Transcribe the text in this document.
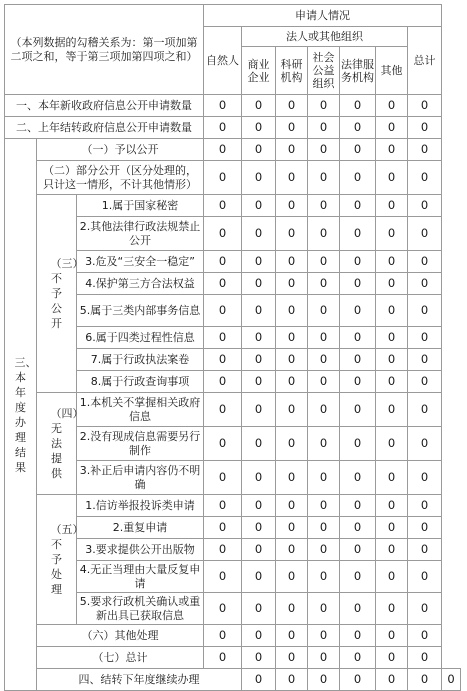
（本列数据的勾稽关系为：第一项加第二项之和，等于第三项加第四项之和）			申请人情况							
			自然人	法人或其他组织					总计	
				商业企业	科研机构	社会公益组织	法律服务机构	其他		

一、本年新收政府信息公开申请数量			0	0	0	0	0	0	0	
二、上年结转政府信息公开申请数量			0	0	0	0	0	0	0	

三、本年度办理结果	（一）予以公开		0	0	0	0	0	0	0	
	（二）部分公开（区分处理的，只计这一情形，不计其他情形）		0	0	0	0	0	0	0	

	（三）不予公开	1.属于国家秘密	0	0	0	0	0	0	0	
		2.其他法律行政法规禁止公开	0	0	0	0	0	0	0	
		3.危及“三安全一稳定”	0	0	0	0	0	0	0	
		4.保护第三方合法权益	0	0	0	0	0	0	0	
		5.属于三类内部事务信息	0	0	0	0	0	0	0	
		6.属于四类过程性信息	0	0	0	0	0	0	0	
		7.属于行政执法案卷	0	0	0	0	0	0	0	
		8.属于行政查询事项	0	0	0	0	0	0	0	

	（四）无法提供	1.本机关不掌握相关政府信息	0	0	0	0	0	0	0	
		2.没有现成信息需要另行制作	0	0	0	0	0	0	0	
		3.补正后申请内容仍不明确	0	0	0	0	0	0	0	

	（五）不予处理	1.信访举报投诉类申请	0	0	0	0	0	0	0	
		2.重复申请	0	0	0	0	0	0	0	
		3.要求提供公开出版物	0	0	0	0	0	0	0	
		4.无正当理由大量反复申请	0	0	0	0	0	0	0	
		5.要求行政机关确认或重新出具已获取信息	0	0	0	0	0	0	0	
	（六）其他处理		0	0	0	0	0	0	0	
	（七）总计		0	0	0	0	0	0	0	
	四、结转下年度继续办理			0	0	0	0	0	0	0
